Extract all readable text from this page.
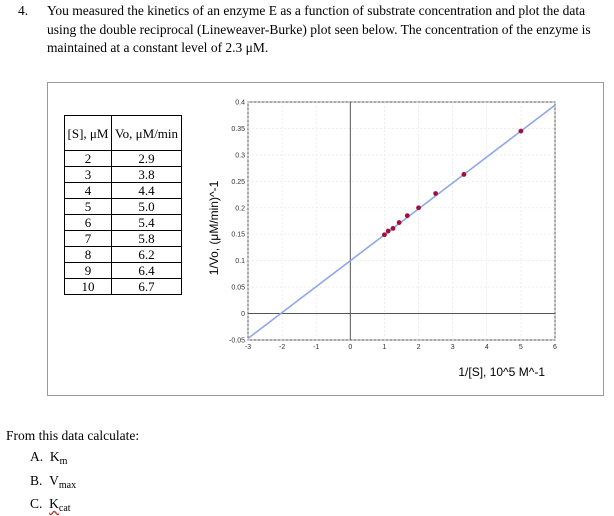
4. You measured the kinetics of an enzyme E as a function of substrate concentration and plot the data using the double reciprocal (Lineweaver-Burke) plot seen below. The concentration of the enzyme is maintained at a constant level of 2.3 μM.
[S], μM	Vo, μM/min
2	2.9
3	3.8
4	4.4
5	5.0
6	5.4
7	5.8
8	6.2
9	6.4
10	6.7
-3	-2	-1	0	1	2	3	4	5	6
-0.05
0
0.05
0.1
0.15
0.2
0.25
0.3
0.35
0.4
1/Vo, (μM/min)^-1
1/[S], 10^5 M^-1
From this data calculate:
A. $K_m$
B. $V_{max}$
C. $K_{cat}$
